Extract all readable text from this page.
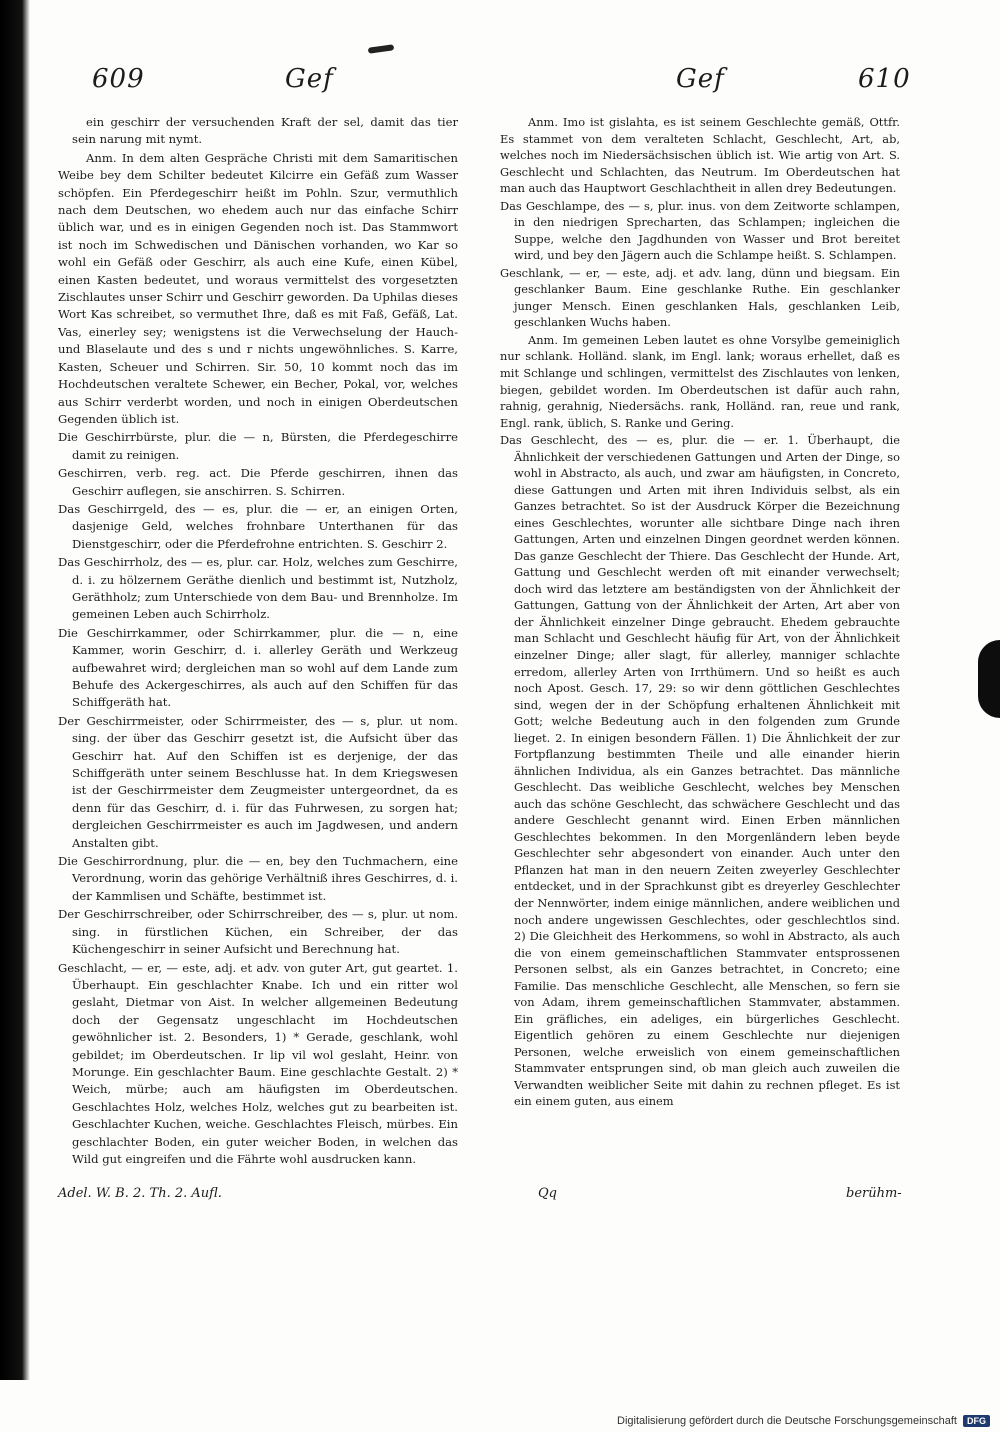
609	Gef	Gef	610

ein geschirr der versuchenden Kraft der sel, damit das tier sein narung mit nymt.

Anm. In dem alten Gespräche Christi mit dem Samaritischen Weibe bey dem Schilter bedeutet Kilcirre ein Gefäß zum Wasser schöpfen. Ein Pferdegeschirr heißt im Pohln. Szur, vermuthlich nach dem Deutschen, wo ehedem auch nur das einfache Schirr üblich war, und es in einigen Gegenden noch ist. Das Stammwort ist noch im Schwedischen und Dänischen vorhanden, wo Kar so wohl ein Gefäß oder Geschirr, als auch eine Kufe, einen Kübel, einen Kasten bedeutet, und woraus vermittelst des vorgesetzten Zischlautes unser Schirr und Geschirr geworden. Da Uphilas dieses Wort Kas schreibet, so vermuthet Ihre, daß es mit Faß, Gefäß, Lat. Vas, einerley sey; wenigstens ist die Verwechselung der Hauch- und Blaselaute und des s und r nichts ungewöhnliches. S. Karre, Kasten, Scheuer und Schirren. Sir. 50, 10 kommt noch das im Hochdeutschen veraltete Schewer, ein Becher, Pokal, vor, welches aus Schirr verderbt worden, und noch in einigen Oberdeutschen Gegenden üblich ist.

Die Geschirrbürste, plur. die — n, Bürsten, die Pferdegeschirre damit zu reinigen.

Geschirren, verb. reg. act. Die Pferde geschirren, ihnen das Geschirr auflegen, sie anschirren. S. Schirren.

Das Geschirrgeld, des — es, plur. die — er, an einigen Orten, dasjenige Geld, welches frohnbare Unterthanen für das Dienstgeschirr, oder die Pferdefrohne entrichten. S. Geschirr 2.

Das Geschirrholz, des — es, plur. car. Holz, welches zum Geschirre, d. i. zu hölzernem Geräthe dienlich und bestimmt ist, Nutzholz, Geräthholz; zum Unterschiede von dem Bau- und Brennholze. Im gemeinen Leben auch Schirrholz.

Die Geschirrkammer, oder Schirrkammer, plur. die — n, eine Kammer, worin Geschirr, d. i. allerley Geräth und Werkzeug aufbewahret wird; dergleichen man so wohl auf dem Lande zum Behufe des Ackergeschirres, als auch auf den Schiffen für das Schiffgeräth hat.

Der Geschirrmeister, oder Schirrmeister, des — s, plur. ut nom. sing. der über das Geschirr gesetzt ist, die Aufsicht über das Geschirr hat. Auf den Schiffen ist es derjenige, der das Schiffgeräth unter seinem Beschlusse hat. In dem Kriegswesen ist der Geschirrmeister dem Zeugmeister untergeordnet, da es denn für das Geschirr, d. i. für das Fuhrwesen, zu sorgen hat; dergleichen Geschirrmeister es auch im Jagdwesen, und andern Anstalten gibt.

Die Geschirrordnung, plur. die — en, bey den Tuchmachern, eine Verordnung, worin das gehörige Verhältniß ihres Geschirres, d. i. der Kammlisen und Schäfte, bestimmet ist.

Der Geschirrschreiber, oder Schirrschreiber, des — s, plur. ut nom. sing. in fürstlichen Küchen, ein Schreiber, der das Küchengeschirr in seiner Aufsicht und Berechnung hat.

Geschlacht, — er, — este, adj. et adv. von guter Art, gut geartet. 1. Überhaupt. Ein geschlachter Knabe. Ich und ein ritter wol geslaht, Dietmar von Aist. In welcher allgemeinen Bedeutung doch der Gegensatz ungeschlacht im Hochdeutschen gewöhnlicher ist. 2. Besonders, 1) * Gerade, geschlank, wohl gebildet; im Oberdeutschen. Ir lip vil wol geslaht, Heinr. von Morunge. Ein geschlachter Baum. Eine geschlachte Gestalt. 2) * Weich, mürbe; auch am häufigsten im Oberdeutschen. Geschlachtes Holz, welches Holz, welches gut zu bearbeiten ist. Geschlachter Kuchen, weiche. Geschlachtes Fleisch, mürbes. Ein geschlachter Boden, ein guter weicher Boden, in welchen das Wild gut eingreifen und die Fährte wohl ausdrucken kann.

Anm. Imo ist gislahta, es ist seinem Geschlechte gemäß, Ottfr. Es stammet von dem veralteten Schlacht, Geschlecht, Art, ab, welches noch im Niedersächsischen üblich ist. Wie artig von Art. S. Geschlecht und Schlachten, das Neutrum. Im Oberdeutschen hat man auch das Hauptwort Geschlachtheit in allen drey Bedeutungen.

Das Geschlampe, des — s, plur. inus. von dem Zeitworte schlampen, in den niedrigen Sprecharten, das Schlampen; ingleichen die Suppe, welche den Jagdhunden von Wasser und Brot bereitet wird, und bey den Jägern auch die Schlampe heißt. S. Schlampen.

Geschlank, — er, — este, adj. et adv. lang, dünn und biegsam. Ein geschlanker Baum. Eine geschlanke Ruthe. Ein geschlanker junger Mensch. Einen geschlanken Hals, geschlanken Leib, geschlanken Wuchs haben.

Anm. Im gemeinen Leben lautet es ohne Vorsylbe gemeiniglich nur schlank. Holländ. slank, im Engl. lank; woraus erhellet, daß es mit Schlange und schlingen, vermittelst des Zischlautes von lenken, biegen, gebildet worden. Im Oberdeutschen ist dafür auch rahn, rahnig, gerahnig, Niedersächs. rank, Holländ. ran, reue und rank, Engl. rank, üblich, S. Ranke und Gering.

Das Geschlecht, des — es, plur. die — er. 1. Überhaupt, die Ähnlichkeit der verschiedenen Gattungen und Arten der Dinge, so wohl in Abstracto, als auch, und zwar am häufigsten, in Concreto, diese Gattungen und Arten mit ihren Individuis selbst, als ein Ganzes betrachtet. So ist der Ausdruck Körper die Bezeichnung eines Geschlechtes, worunter alle sichtbare Dinge nach ihren Gattungen, Arten und einzelnen Dingen geordnet werden können. Das ganze Geschlecht der Thiere. Das Geschlecht der Hunde. Art, Gattung und Geschlecht werden oft mit einander verwechselt; doch wird das letztere am beständigsten von der Ähnlichkeit der Gattungen, Gattung von der Ähnlichkeit der Arten, Art aber von der Ähnlichkeit einzelner Dinge gebraucht. Ehedem gebrauchte man Schlacht und Geschlecht häufig für Art, von der Ähnlichkeit einzelner Dinge; aller slagt, für allerley, manniger schlachte erredom, allerley Arten von Irrthümern. Und so heißt es auch noch Apost. Gesch. 17, 29: so wir denn göttlichen Geschlechtes sind, wegen der in der Schöpfung erhaltenen Ähnlichkeit mit Gott; welche Bedeutung auch in den folgenden zum Grunde lieget. 2. In einigen besondern Fällen. 1) Die Ähnlichkeit der zur Fortpflanzung bestimmten Theile und alle einander hierin ähnlichen Individua, als ein Ganzes betrachtet. Das männliche Geschlecht. Das weibliche Geschlecht, welches bey Menschen auch das schöne Geschlecht, das schwächere Geschlecht und das andere Geschlecht genannt wird. Einen Erben männlichen Geschlechtes bekommen. In den Morgenländern leben beyde Geschlechter sehr abgesondert von einander. Auch unter den Pflanzen hat man in den neuern Zeiten zweyerley Geschlechter entdecket, und in der Sprachkunst gibt es dreyerley Geschlechter der Nennwörter, indem einige männlichen, andere weiblichen und noch andere ungewissen Geschlechtes, oder geschlechtlos sind. 2) Die Gleichheit des Herkommens, so wohl in Abstracto, als auch die von einem gemeinschaftlichen Stammvater entsprossenen Personen selbst, als ein Ganzes betrachtet, in Concreto; eine Familie. Das menschliche Geschlecht, alle Menschen, so fern sie von Adam, ihrem gemeinschaftlichen Stammvater, abstammen. Ein gräfliches, ein adeliges, ein bürgerliches Geschlecht. Eigentlich gehören zu einem Geschlechte nur diejenigen Personen, welche erweislich von einem gemeinschaftlichen Stammvater entsprungen sind, ob man gleich auch zuweilen die Verwandten weiblicher Seite mit dahin zu rechnen pfleget. Es ist ein einem guten, aus einem

Adel. W. B. 2. Th. 2. Aufl.	Qq	berühm-
Digitalisierung gefördert durch die Deutsche Forschungsgemeinschaft	DFG
